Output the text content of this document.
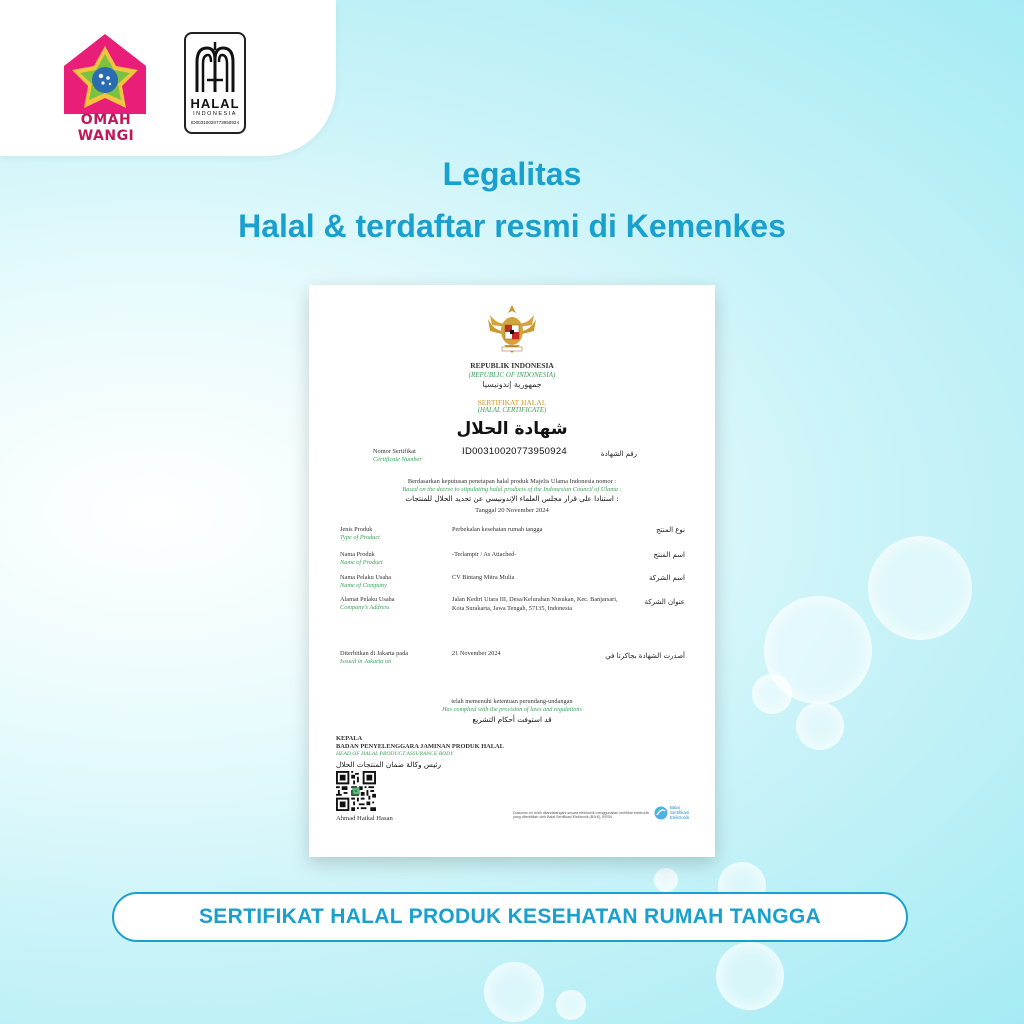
OMAH WANGI
HALAL
INDONESIA
ID00310020773950924
Legalitas
Halal & terdaftar resmi di Kemenkes
REPUBLIK INDONESIA
(REPUBLIC OF INDONESIA)
جمهورية إندونيسيا
SERTIFIKAT HALAL
(HALAL CERTIFICATE)
شهادة الحلال
Nomor Sertifikat
Certificate Number
ID00310020773950924	رقم الشهادة
Berdasarkan keputusan penetapan halal produk Majelis Ulama Indonesia nomor :
Based on the decree to stipulating halal products of the Indonesian Council of Ulama :
استنادا على قرار مجلس العلماء الإندونيسي عن تحديد الحلال للمنتجات :
Tanggal 20 November 2024
Jenis Produk
Type of Product
Perbekalan kesehatan rumah tangga	نوع المنتج
Nama Produk
Name of Product
-Terlampir / As Attached-	اسم المنتج
Nama Pelaku Usaha
Name of Company
CV Bintang Mitra Mulia	اسم الشركة
Alamat Pelaku Usaha
Company's Address
Jalan Kediri Utara III, Desa/Kelurahan Nusukan, Kec. Banjarsari, Kota Surakarta, Jawa Tengah, 57135, Indonesia
عنوان الشركة
Diterbitkan di Jakarta pada
Issued in Jakarta on
21 November 2024	أصدرت الشهادة بجاكرتا في
telah memenuhi ketentuan perundang-undangan
Has complied with the provision of laws and regulations
قد استوفت أحكام التشريع
KEPALA
BADAN PENYELENGGARA JAMINAN PRODUK HALAL
HEAD OF HALAL PRODUCT ASSURANCE BODY
رئيس وكالة ضمان المنتجات الحلال
Ahmad Haikal Hasan
Dokumen ini telah ditandatangani secara elektronik menggunakan sertifikat elektronik yang diterbitkan oleh Balai Sertifikasi Elektronik (BSrE), BSSN
Balai
Sertifikasi
Elektronik
SERTIFIKAT HALAL PRODUK KESEHATAN RUMAH TANGGA
